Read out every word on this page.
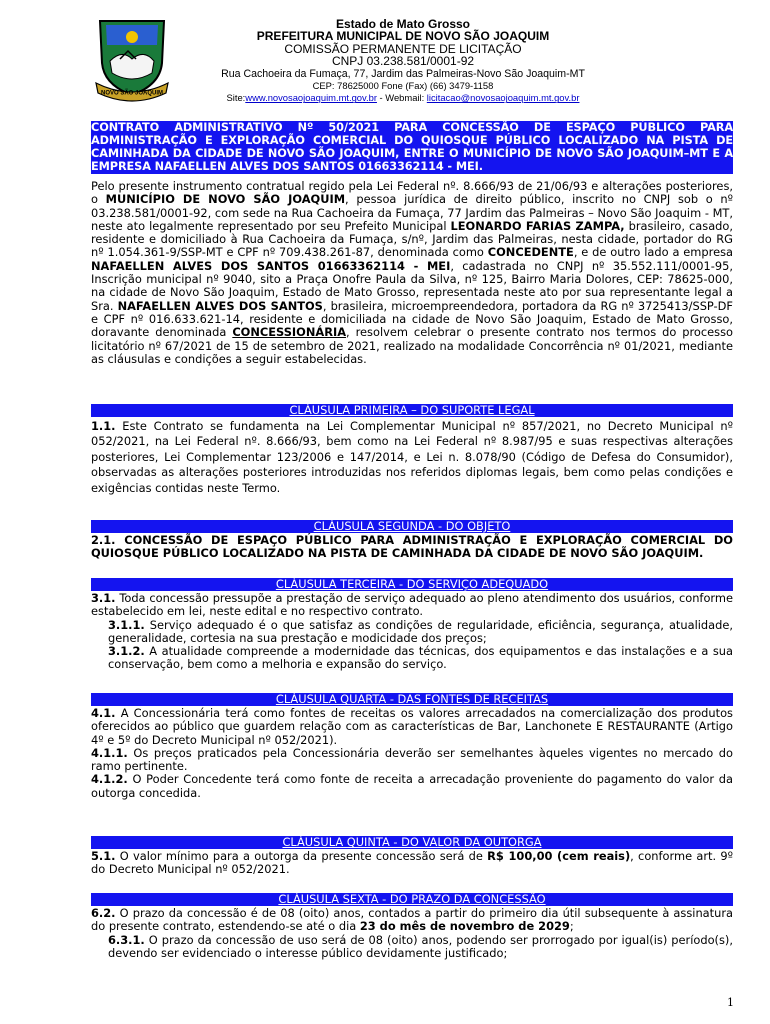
NOVO SÃO JOAQUIM
Estado de Mato Grosso
PREFEITURA MUNICIPAL DE NOVO SÃO JOAQUIM
COMISSÃO PERMANENTE DE LICITAÇÃO
CNPJ 03.238.581/0001-92
Rua Cachoeira da Fumaça, 77, Jardim das Palmeiras-Novo São Joaquim-MT
CEP: 78625000 Fone (Fax) (66) 3479-1158
Site:www.novosaojoaquim.mt.gov.br - Webmail: licitacao@novosaojoaquim.mt.gov.br
CONTRATO ADMINISTRATIVO Nº 50/2021 PARA CONCESSÃO DE ESPAÇO PÚBLICO PARA ADMINISTRAÇÃO E EXPLORAÇÃO COMERCIAL DO QUIOSQUE PÚBLICO LOCALIZADO NA PISTA DE CAMINHADA DA CIDADE DE NOVO SÃO JOAQUIM, ENTRE O MUNICÍPIO DE NOVO SÃO JOAQUIM–MT E A EMPRESA NAFAELLEN ALVES DOS SANTOS 01663362114 - MEI.
Pelo presente instrumento contratual regido pela Lei Federal nº. 8.666/93 de 21/06/93 e alterações posteriores, o MUNICÍPIO DE NOVO SÃO JOAQUIM, pessoa jurídica de direito público, inscrito no CNPJ sob o nº 03.238.581/0001-92, com sede na Rua Cachoeira da Fumaça, 77 Jardim das Palmeiras – Novo São Joaquim - MT, neste ato legalmente representado por seu Prefeito Municipal LEONARDO FARIAS ZAMPA, brasileiro, casado, residente e domiciliado à Rua Cachoeira da Fumaça, s/nº, Jardim das Palmeiras, nesta cidade, portador do RG nº 1.054.361-9/SSP-MT e CPF nº 709.438.261-87, denominada como CONCEDENTE, e de outro lado a empresa NAFAELLEN ALVES DOS SANTOS 01663362114 - MEI, cadastrada no CNPJ nº 35.552.111/0001-95, Inscrição municipal nº 9040, sito a Praça Onofre Paula da Silva, nº 125, Bairro Maria Dolores, CEP: 78625-000, na cidade de Novo São Joaquim, Estado de Mato Grosso, representada neste ato por sua representante legal a Sra. NAFAELLEN ALVES DOS SANTOS, brasileira, microempreendedora, portadora da RG nº 3725413/SSP-DF e CPF nº 016.633.621-14, residente e domiciliada na cidade de Novo São Joaquim, Estado de Mato Grosso, doravante denominada CONCESSIONÁRIA, resolvem celebrar o presente contrato nos termos do processo licitatório nº 67/2021 de 15 de setembro de 2021, realizado na modalidade Concorrência nº 01/2021, mediante as cláusulas e condições a seguir estabelecidas.
CLÁUSULA PRIMEIRA – DO SUPORTE LEGAL
1.1. Este Contrato se fundamenta na Lei Complementar Municipal nº 857/2021, no Decreto Municipal nº 052/2021, na Lei Federal nº. 8.666/93, bem como na Lei Federal nº 8.987/95 e suas respectivas alterações posteriores, Lei Complementar 123/2006 e 147/2014, e Lei n. 8.078/90 (Código de Defesa do Consumidor), observadas as alterações posteriores introduzidas nos referidos diplomas legais, bem como pelas condições e exigências contidas neste Termo.
CLÁUSULA SEGUNDA - DO OBJETO
2.1. CONCESSÃO DE ESPAÇO PÚBLICO PARA ADMINISTRAÇÃO E EXPLORAÇÃO COMERCIAL DO QUIOSQUE PÚBLICO LOCALIZADO NA PISTA DE CAMINHADA DA CIDADE DE NOVO SÃO JOAQUIM.
CLÁUSULA TERCEIRA - DO SERVIÇO ADEQUADO
3.1. Toda concessão pressupõe a prestação de serviço adequado ao pleno atendimento dos usuários, conforme estabelecido em lei, neste edital e no respectivo contrato.
3.1.1. Serviço adequado é o que satisfaz as condições de regularidade, eficiência, segurança, atualidade, generalidade, cortesia na sua prestação e modicidade dos preços;
3.1.2. A atualidade compreende a modernidade das técnicas, dos equipamentos e das instalações e a sua conservação, bem como a melhoria e expansão do serviço.
CLÁUSULA QUARTA - DAS FONTES DE RECEITAS
4.1. A Concessionária terá como fontes de receitas os valores arrecadados na comercialização dos produtos oferecidos ao público que guardem relação com as características de Bar, Lanchonete E RESTAURANTE (Artigo 4º e 5º do Decreto Municipal nº 052/2021).
4.1.1. Os preços praticados pela Concessionária deverão ser semelhantes àqueles vigentes no mercado do ramo pertinente.
4.1.2. O Poder Concedente terá como fonte de receita a arrecadação proveniente do pagamento do valor da outorga concedida.
CLÁUSULA QUINTA - DO VALOR DA OUTORGA
5.1. O valor mínimo para a outorga da presente concessão será de R$ 100,00 (cem reais), conforme art. 9º do Decreto Municipal nº 052/2021.
CLÁUSULA SEXTA - DO PRAZO DA CONCESSÃO
6.2. O prazo da concessão é de 08 (oito) anos, contados a partir do primeiro dia útil subsequente à assinatura do presente contrato, estendendo-se até o dia 23 do mês de novembro de 2029;
6.3.1. O prazo da concessão de uso será de 08 (oito) anos, podendo ser prorrogado por igual(is) período(s), devendo ser evidenciado o interesse público devidamente justificado;
1
